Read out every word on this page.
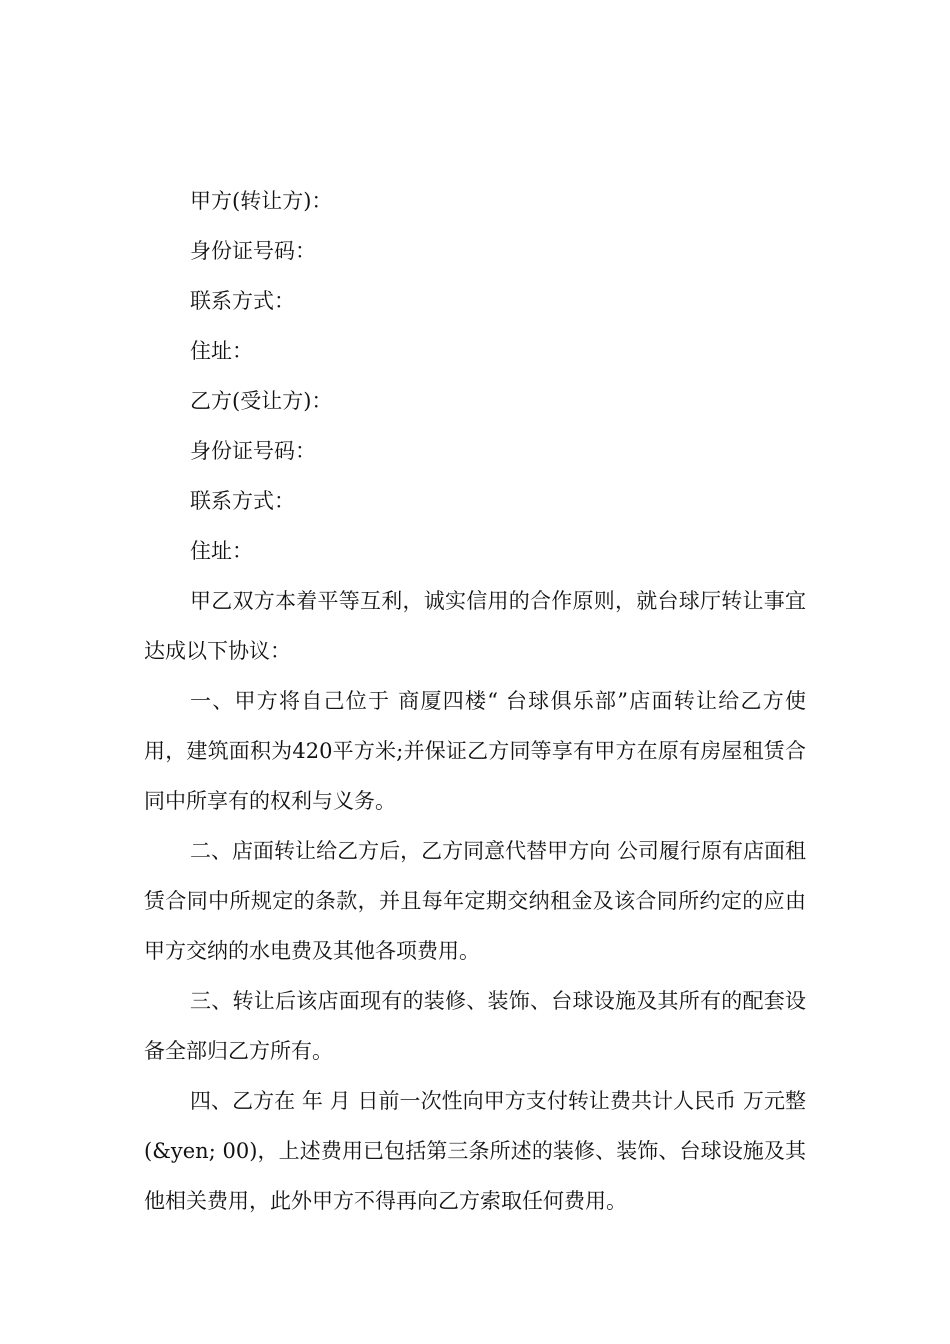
甲方(转让方)：

身份证号码：

联系方式：

住址：

乙方(受让方)：

身份证号码：

联系方式：

住址：

甲乙双方本着平等互利，诚实信用的合作原则，就台球厅转让事宜达成以下协议：

一、甲方将自己位于 商厦四楼“ 台球俱乐部”店面转让给乙方使用，建筑面积为420平方米;并保证乙方同等享有甲方在原有房屋租赁合同中所享有的权利与义务。

二、店面转让给乙方后，乙方同意代替甲方向 公司履行原有店面租赁合同中所规定的条款，并且每年定期交纳租金及该合同所约定的应由甲方交纳的水电费及其他各项费用。

三、转让后该店面现有的装修、装饰、台球设施及其所有的配套设备全部归乙方所有。

四、乙方在 年 月 日前一次性向甲方支付转让费共计人民币 万元整(&yen; 00)，上述费用已包括第三条所述的装修、装饰、台球设施及其他相关费用，此外甲方不得再向乙方索取任何费用。
